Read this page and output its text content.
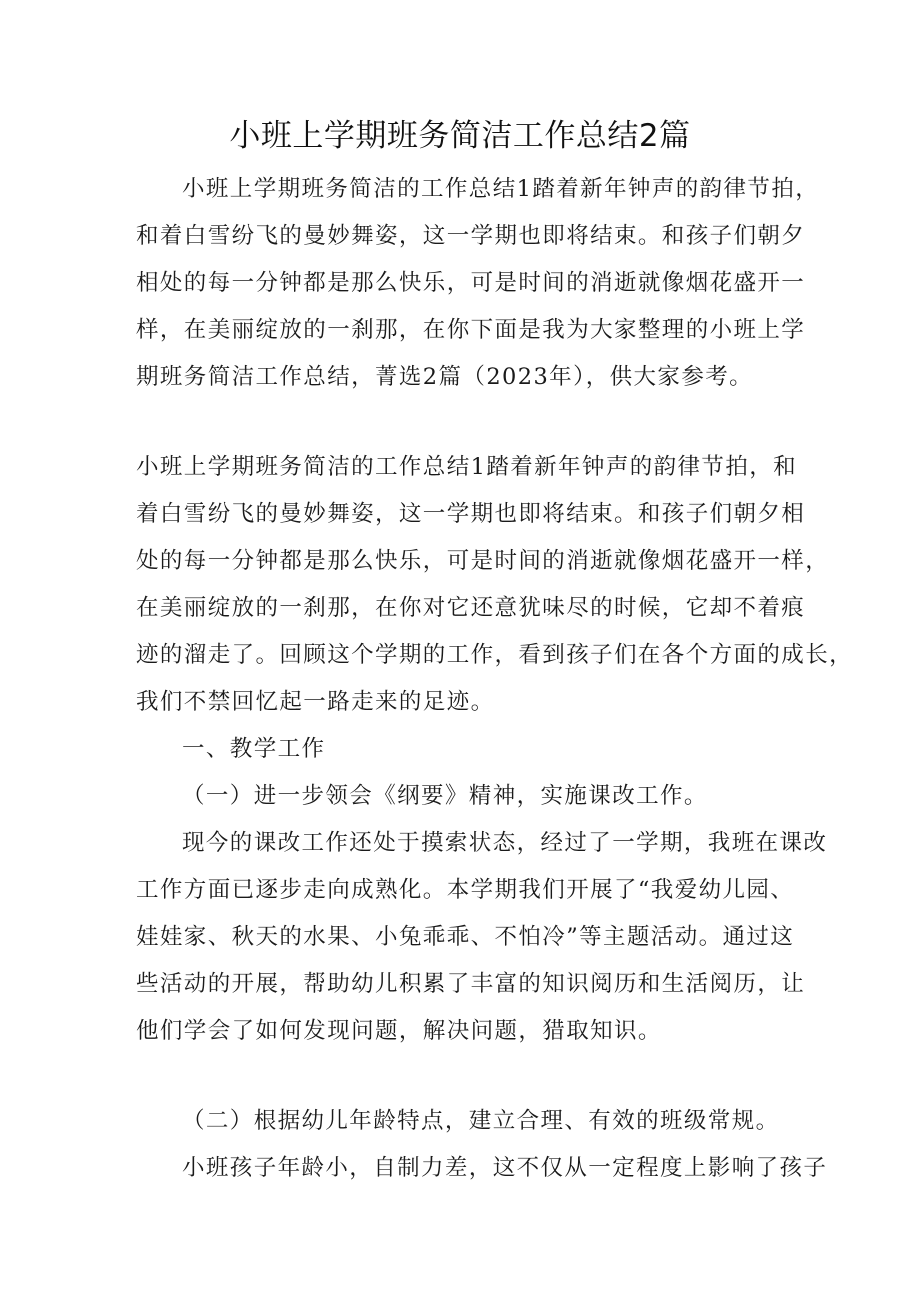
小班上学期班务简洁工作总结2篇
小班上学期班务简洁的工作总结1踏着新年钟声的韵律节拍，
和着白雪纷飞的曼妙舞姿，这一学期也即将结束。和孩子们朝夕
相处的每一分钟都是那么快乐，可是时间的消逝就像烟花盛开一
样，在美丽绽放的一刹那，在你下面是我为大家整理的小班上学
期班务简洁工作总结，菁选2篇（2023年），供大家参考。
小班上学期班务简洁的工作总结1踏着新年钟声的韵律节拍，和
着白雪纷飞的曼妙舞姿，这一学期也即将结束。和孩子们朝夕相
处的每一分钟都是那么快乐，可是时间的消逝就像烟花盛开一样，
在美丽绽放的一刹那，在你对它还意犹味尽的时候，它却不着痕
迹的溜走了。回顾这个学期的工作，看到孩子们在各个方面的成长，
我们不禁回忆起一路走来的足迹。
一、教学工作
（一）进一步领会《纲要》精神，实施课改工作。
现今的课改工作还处于摸索状态，经过了一学期，我班在课改
工作方面已逐步走向成熟化。本学期我们开展了“我爱幼儿园、
娃娃家、秋天的水果、小兔乖乖、不怕冷”等主题活动。通过这
些活动的开展，帮助幼儿积累了丰富的知识阅历和生活阅历，让
他们学会了如何发现问题，解决问题，猎取知识。
（二）根据幼儿年龄特点，建立合理、有效的班级常规。
小班孩子年龄小，自制力差，这不仅从一定程度上影响了孩子
